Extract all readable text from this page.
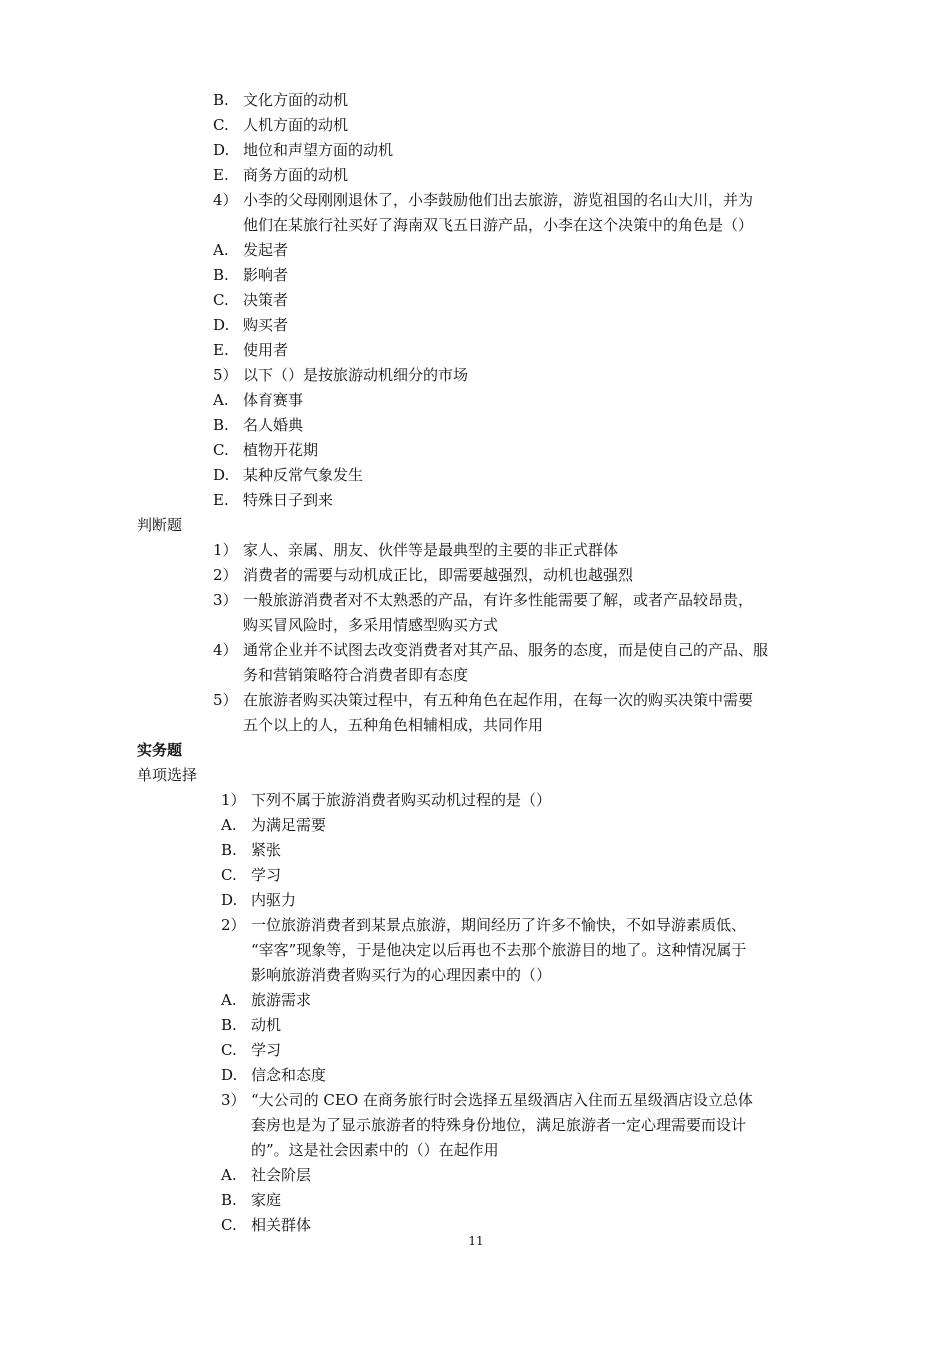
B. 文化方面的动机
C. 人机方面的动机
D. 地位和声望方面的动机
E. 商务方面的动机
4） 小李的父母刚刚退休了，小李鼓励他们出去旅游，游览祖国的名山大川，并为
他们在某旅行社买好了海南双飞五日游产品，小李在这个决策中的角色是（）
A. 发起者
B. 影响者
C. 决策者
D. 购买者
E. 使用者
5） 以下（）是按旅游动机细分的市场
A. 体育赛事
B. 名人婚典
C. 植物开花期
D. 某种反常气象发生
E. 特殊日子到来
判断题
1） 家人、亲属、朋友、伙伴等是最典型的主要的非正式群体
2） 消费者的需要与动机成正比，即需要越强烈，动机也越强烈
3） 一般旅游消费者对不太熟悉的产品，有许多性能需要了解，或者产品较昂贵，
购买冒风险时，多采用情感型购买方式
4） 通常企业并不试图去改变消费者对其产品、服务的态度，而是使自己的产品、服
务和营销策略符合消费者即有态度
5） 在旅游者购买决策过程中，有五种角色在起作用，在每一次的购买决策中需要
五个以上的人，五种角色相辅相成，共同作用
实务题
单项选择
1） 下列不属于旅游消费者购买动机过程的是（）
A. 为满足需要
B. 紧张
C. 学习
D. 内驱力
2） 一位旅游消费者到某景点旅游，期间经历了许多不愉快，不如导游素质低、
“宰客”现象等，于是他决定以后再也不去那个旅游目的地了。这种情况属于
影响旅游消费者购买行为的心理因素中的（）
A. 旅游需求
B. 动机
C. 学习
D. 信念和态度
3） “大公司的 CEO 在商务旅行时会选择五星级酒店入住而五星级酒店设立总体
套房也是为了显示旅游者的特殊身份地位，满足旅游者一定心理需要而设计
的”。这是社会因素中的（）在起作用
A. 社会阶层
B. 家庭
C. 相关群体
11
